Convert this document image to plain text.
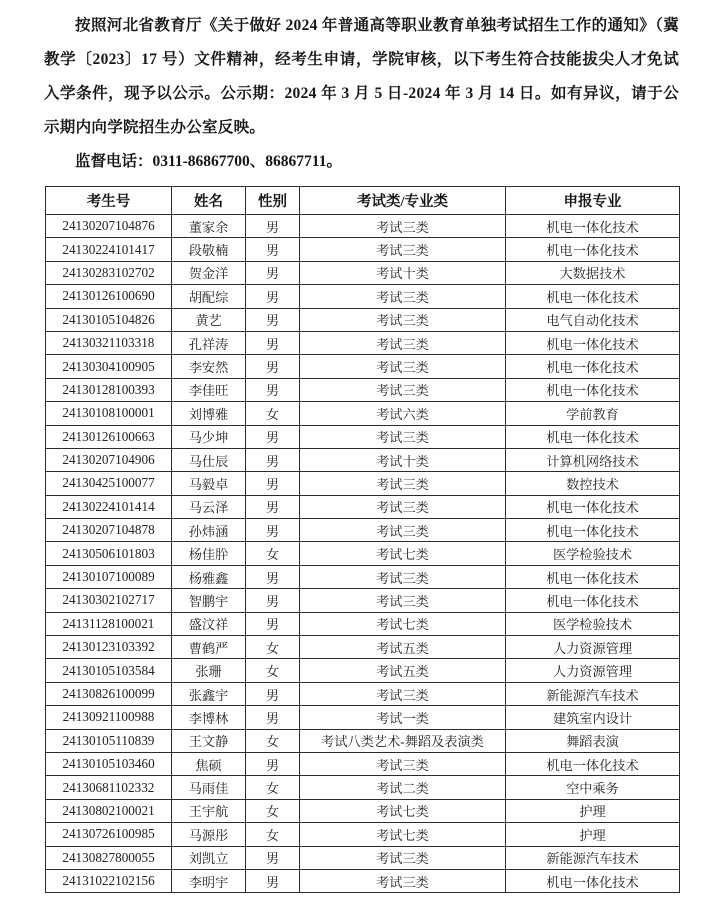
按照河北省教育厅《关于做好 2024 年普通高等职业教育单独考试招生工作的通知》（冀教学〔2023〕17 号）文件精神，经考生申请，学院审核，以下考生符合技能拔尖人才免试入学条件，现予以公示。公示期：2024 年 3 月 5 日-2024 年 3 月 14 日。如有异议，请于公示期内向学院招生办公室反映。

监督电话：0311-86867700、86867711。

考生号	姓名	性别	考试类/专业类	申报专业
24130207104876	董家余	男	考试三类	机电一体化技术
24130224101417	段敬楠	男	考试三类	机电一体化技术
24130283102702	贺金洋	男	考试十类	大数据技术
24130126100690	胡配综	男	考试三类	机电一体化技术
24130105104826	黄艺	男	考试三类	电气自动化技术
24130321103318	孔祥涛	男	考试三类	机电一体化技术
24130304100905	李安然	男	考试三类	机电一体化技术
24130128100393	李佳旺	男	考试三类	机电一体化技术
24130108100001	刘博雅	女	考试六类	学前教育
24130126100663	马少坤	男	考试三类	机电一体化技术
24130207104906	马仕辰	男	考试十类	计算机网络技术
24130425100077	马毅卓	男	考试三类	数控技术
24130224101414	马云泽	男	考试三类	机电一体化技术
24130207104878	孙炜涵	男	考试三类	机电一体化技术
24130506101803	杨佳肸	女	考试七类	医学检验技术
24130107100089	杨雅鑫	男	考试三类	机电一体化技术
24130302102717	智鹏宇	男	考试三类	机电一体化技术
24131128100021	盛汶祥	男	考试七类	医学检验技术
24130123103392	曹鹤严	女	考试五类	人力资源管理
24130105103584	张珊	女	考试五类	人力资源管理
24130826100099	张鑫宇	男	考试三类	新能源汽车技术
24130921100988	李博林	男	考试一类	建筑室内设计
24130105110839	王文静	女	考试八类艺术-舞蹈及表演类	舞蹈表演
24130105103460	焦硕	男	考试三类	机电一体化技术
24130681102332	马雨佳	女	考试二类	空中乘务
24130802100021	王宇航	女	考试七类	护理
24130726100985	马源彤	女	考试七类	护理
24130827800055	刘凯立	男	考试三类	新能源汽车技术
24131022102156	李明宇	男	考试三类	机电一体化技术
